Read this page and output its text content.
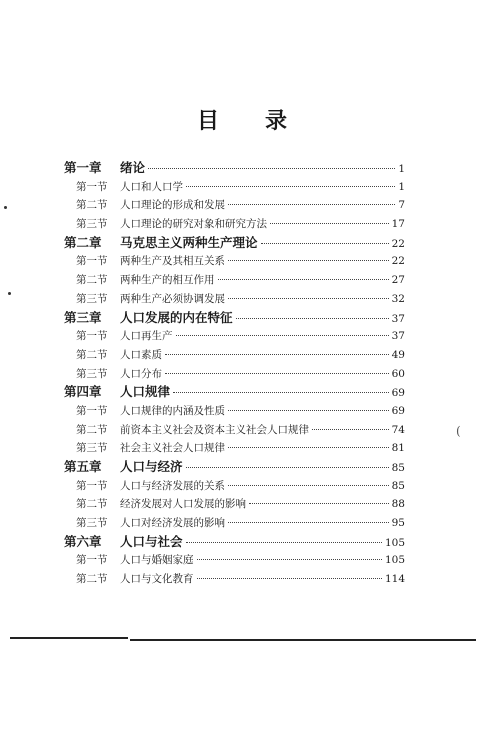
目 录
第一章	绪论	1
第一节	人口和人口学	1
第二节	人口理论的形成和发展	7
第三节	人口理论的研究对象和研究方法	17
第二章	马克思主义两种生产理论	22
第一节	两种生产及其相互关系	22
第二节	两种生产的相互作用	27
第三节	两种生产必须协调发展	32
第三章	人口发展的内在特征	37
第一节	人口再生产	37
第二节	人口素质	49
第三节	人口分布	60
第四章	人口规律	69
第一节	人口规律的内涵及性质	69
第二节	前资本主义社会及资本主义社会人口规律	74
第三节	社会主义社会人口规律	81
第五章	人口与经济	85
第一节	人口与经济发展的关系	85
第二节	经济发展对人口发展的影响	88
第三节	人口对经济发展的影响	95
第六章	人口与社会	105
第一节	人口与婚姻家庭	105
第二节	人口与文化教育	114
(
